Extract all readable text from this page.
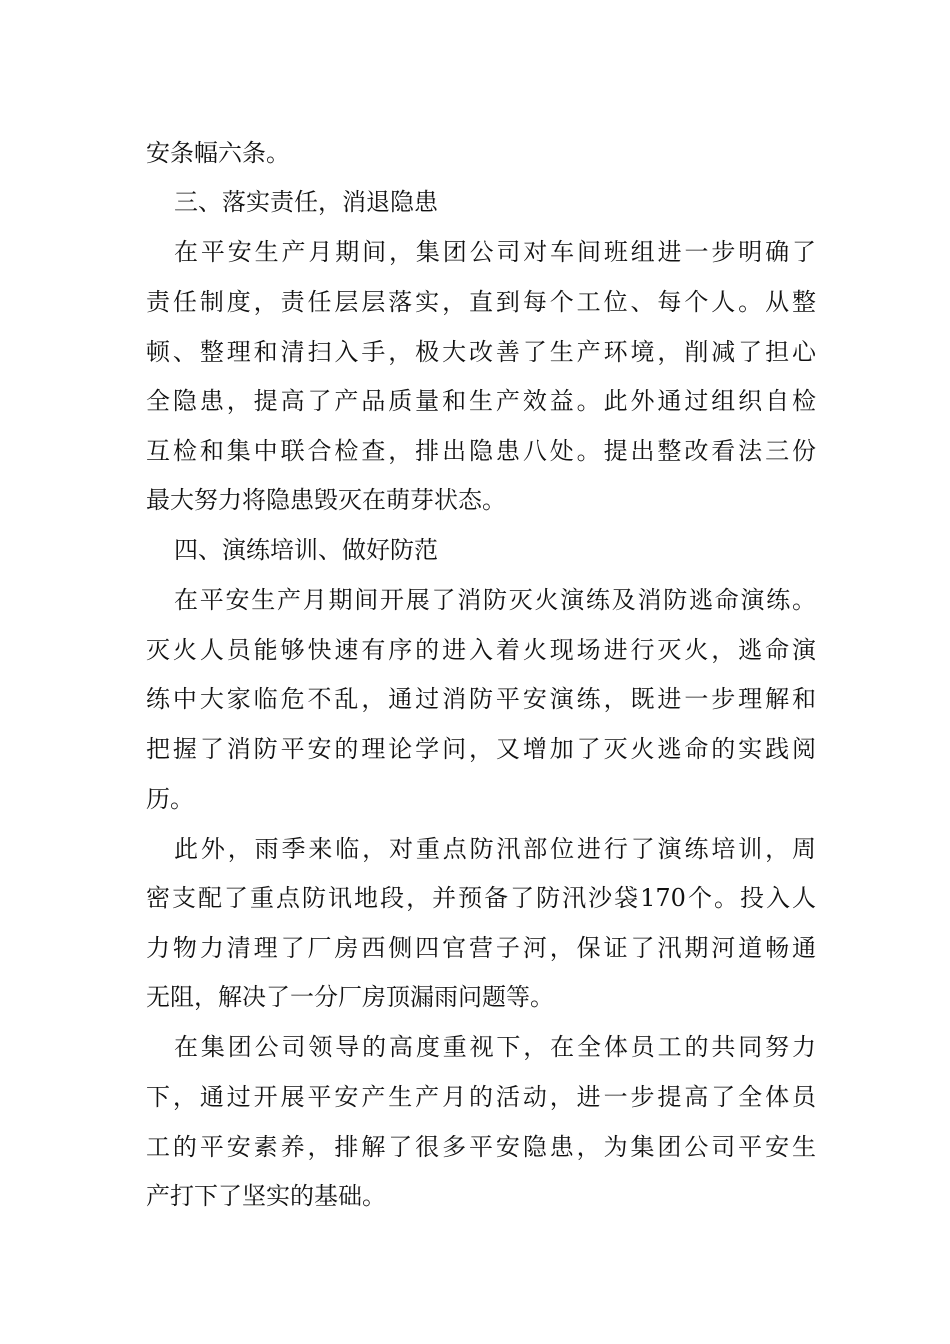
安条幅六条。
三、落实责任，消退隐患
在平安生产月期间，集团公司对车间班组进一步明确了
责任制度，责任层层落实，直到每个工位、每个人。从整
顿、整理和清扫入手，极大改善了生产环境，削减了担心
全隐患，提高了产品质量和生产效益。此外通过组织自检
互检和集中联合检查，排出隐患八处。提出整改看法三份
最大努力将隐患毁灭在萌芽状态。
四、演练培训、做好防范
在平安生产月期间开展了消防灭火演练及消防逃命演练。
灭火人员能够快速有序的进入着火现场进行灭火，逃命演
练中大家临危不乱，通过消防平安演练，既进一步理解和
把握了消防平安的理论学问，又增加了灭火逃命的实践阅
历。
此外，雨季来临，对重点防汛部位进行了演练培训，周
密支配了重点防讯地段，并预备了防汛沙袋170个。投入人
力物力清理了厂房西侧四官营子河，保证了汛期河道畅通
无阻，解决了一分厂房顶漏雨问题等。
在集团公司领导的高度重视下，在全体员工的共同努力
下，通过开展平安产生产月的活动，进一步提高了全体员
工的平安素养，排解了很多平安隐患，为集团公司平安生
产打下了坚实的基础。
